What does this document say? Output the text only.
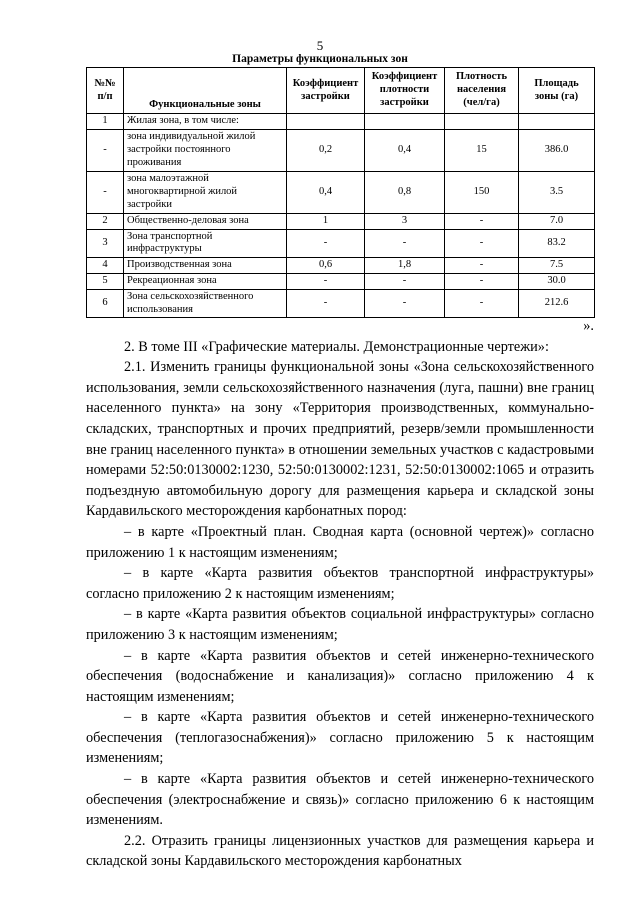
5
Параметры функциональных зон
№№ п/п	Функциональные зоны	Коэффициент застройки	Коэффициент плотности застройки	Плотность населения (чел/га)	Площадь зоны (га)
1	Жилая зона, в том числе:				
-	зона индивидуальной жилой застройки постоянного проживания	0,2	0,4	15	386.0
-	зона малоэтажной многоквартирной жилой застройки	0,4	0,8	150	3.5
2	Общественно-деловая зона	1	3	-	7.0
3	Зона транспортной инфраструктуры	-	-	-	83.2
4	Производственная зона	0,6	1,8	-	7.5
5	Рекреационная зона	-	-	-	30.0
6	Зона сельскохозяйственного использования	-	-	-	212.6

».

2. В томе III «Графические материалы. Демонстрационные чертежи»:

2.1. Изменить границы функциональной зоны «Зона сельскохозяйственного использования, земли сельскохозяйственного назначения (луга, пашни) вне границ населенного пункта» на зону «Территория производственных, коммунально-складских, транспортных и прочих предприятий, резерв/земли промышленности вне границ населенного пункта» в отношении земельных участков с кадастровыми номерами 52:50:0130002:1230, 52:50:0130002:1231, 52:50:0130002:1065 и отразить подъездную автомобильную дорогу для размещения карьера и складской зоны Кардавильского месторождения карбонатных пород:

– в карте «Проектный план. Сводная карта (основной чертеж)» согласно приложению 1 к настоящим изменениям;

– в карте «Карта развития объектов транспортной инфраструктуры» согласно приложению 2 к настоящим изменениям;

– в карте «Карта развития объектов социальной инфраструктуры» согласно приложению 3 к настоящим изменениям;

– в карте «Карта развития объектов и сетей инженерно-технического обеспечения (водоснабжение и канализация)» согласно приложению 4 к настоящим изменениям;

– в карте «Карта развития объектов и сетей инженерно-технического обеспечения (теплогазоснабжения)» согласно приложению 5 к настоящим изменениям;

– в карте «Карта развития объектов и сетей инженерно-технического обеспечения (электроснабжение и связь)» согласно приложению 6 к настоящим изменениям.

2.2. Отразить границы лицензионных участков для размещения карьера и складской зоны Кардавильского месторождения карбонатных
